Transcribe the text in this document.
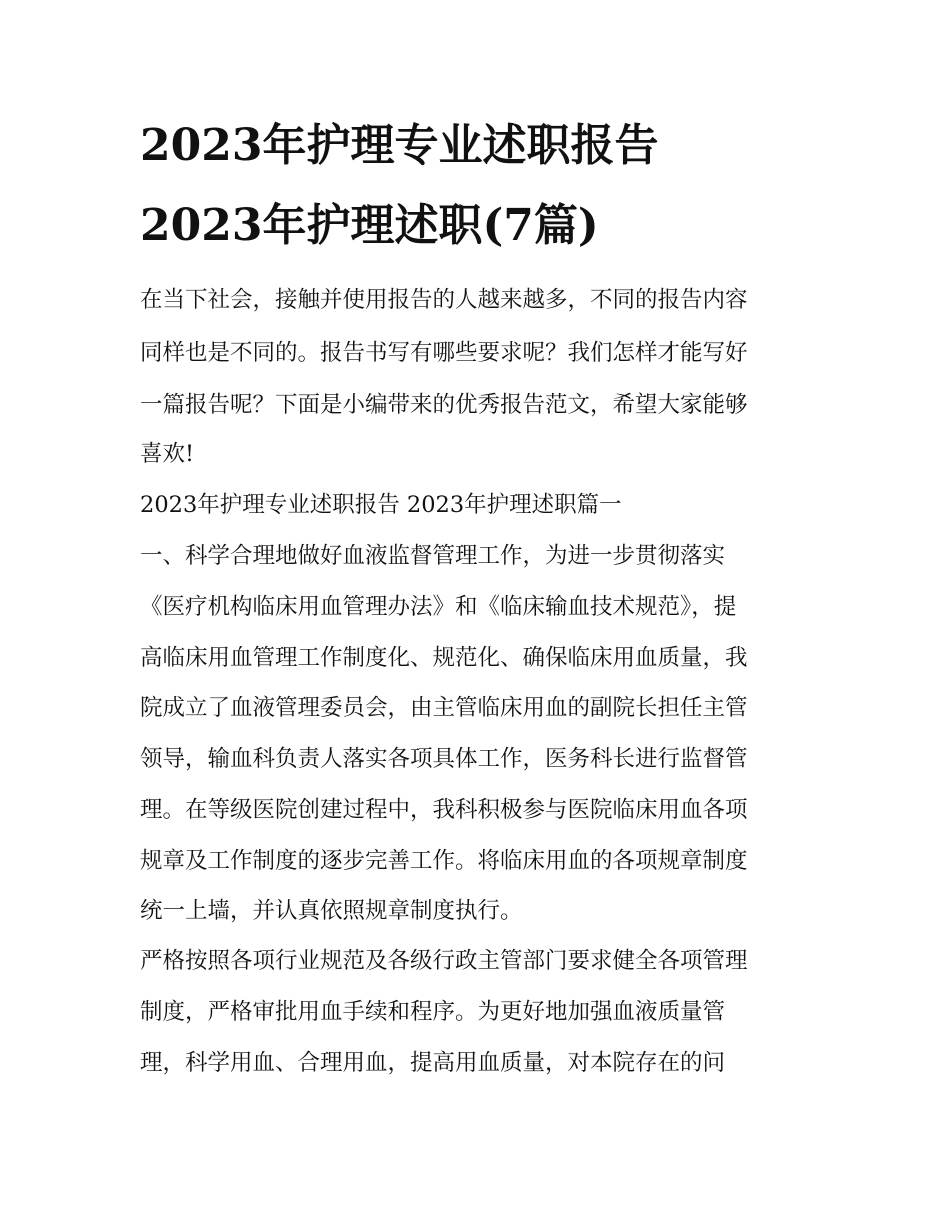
2023年护理专业述职报告
2023年护理述职(7篇)
在当下社会，接触并使用报告的人越来越多，不同的报告内容
同样也是不同的。报告书写有哪些要求呢？我们怎样才能写好
一篇报告呢？下面是小编带来的优秀报告范文，希望大家能够
喜欢!
2023年护理专业述职报告 2023年护理述职篇一
一、科学合理地做好血液监督管理工作，为进一步贯彻落实
《医疗机构临床用血管理办法》和《临床输血技术规范》，提
高临床用血管理工作制度化、规范化、确保临床用血质量，我
院成立了血液管理委员会，由主管临床用血的副院长担任主管
领导，输血科负责人落实各项具体工作，医务科长进行监督管
理。在等级医院创建过程中，我科积极参与医院临床用血各项
规章及工作制度的逐步完善工作。将临床用血的各项规章制度
统一上墙，并认真依照规章制度执行。
严格按照各项行业规范及各级行政主管部门要求健全各项管理
制度，严格审批用血手续和程序。为更好地加强血液质量管
理，科学用血、合理用血，提高用血质量，对本院存在的问
